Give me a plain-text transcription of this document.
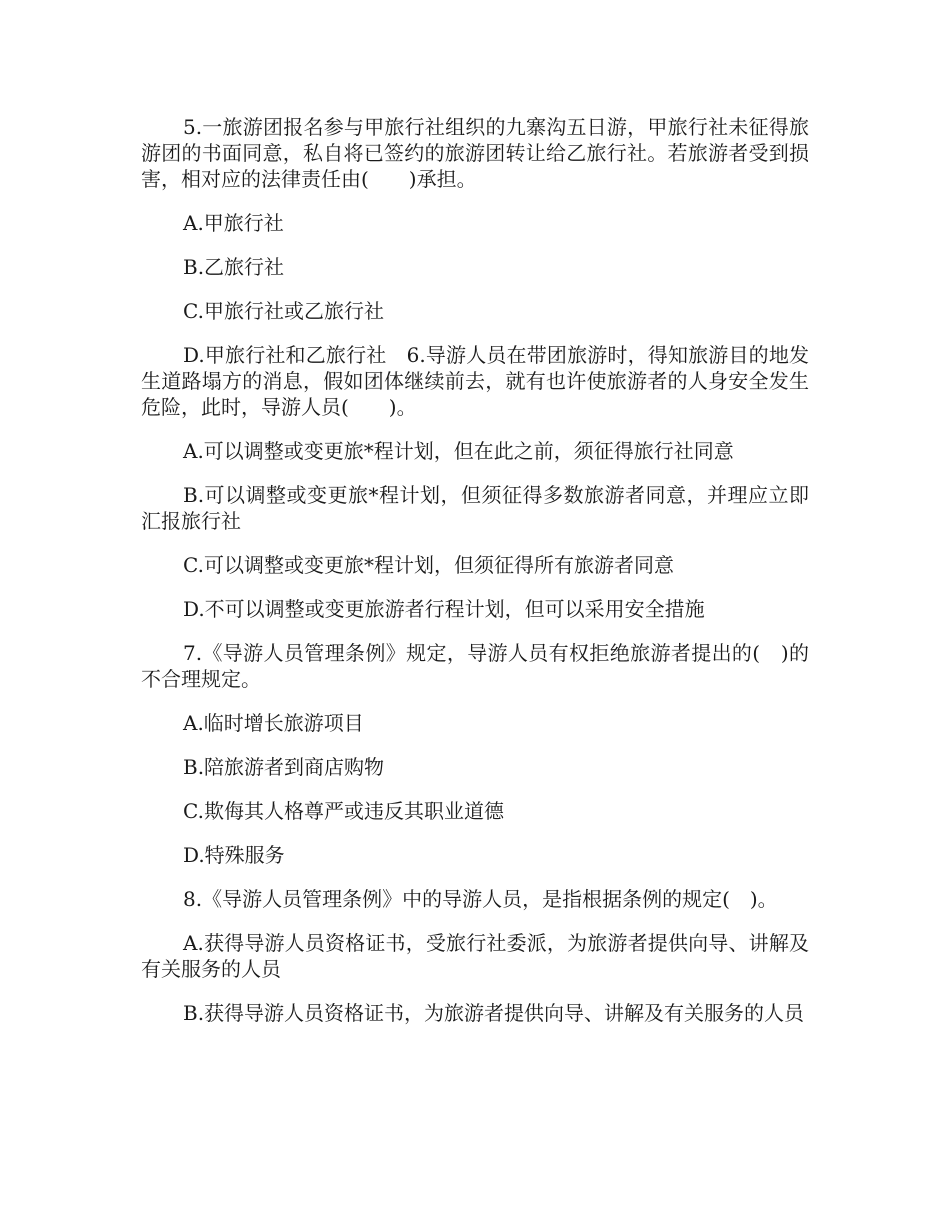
5.一旅游团报名参与甲旅行社组织的九寨沟五日游，甲旅行社未征得旅游团的书面同意，私自将已签约的旅游团转让给乙旅行社。若旅游者受到损害，相对应的法律责任由(　　)承担。

A.甲旅行社

B.乙旅行社

C.甲旅行社或乙旅行社

D.甲旅行社和乙旅行社　6.导游人员在带团旅游时，得知旅游目的地发生道路塌方的消息，假如团体继续前去，就有也许使旅游者的人身安全发生危险，此时，导游人员(　　)。

A.可以调整或变更旅*程计划，但在此之前，须征得旅行社同意

B.可以调整或变更旅*程计划，但须征得多数旅游者同意，并理应立即汇报旅行社

C.可以调整或变更旅*程计划，但须征得所有旅游者同意

D.不可以调整或变更旅游者行程计划，但可以采用安全措施

7.《导游人员管理条例》规定，导游人员有权拒绝旅游者提出的(　)的不合理规定。

A.临时增长旅游项目

B.陪旅游者到商店购物

C.欺侮其人格尊严或违反其职业道德

D.特殊服务

8.《导游人员管理条例》中的导游人员，是指根据条例的规定(　)。

A.获得导游人员资格证书，受旅行社委派，为旅游者提供向导、讲解及有关服务的人员

B.获得导游人员资格证书，为旅游者提供向导、讲解及有关服务的人员
